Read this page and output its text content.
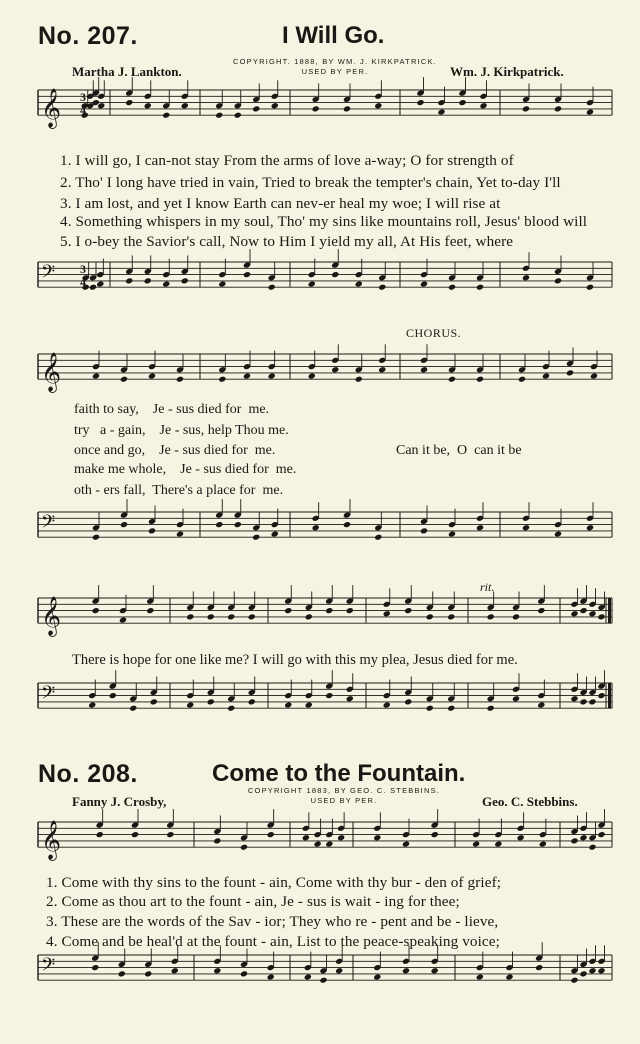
No. 207.	I Will Go.
Martha J. Lankton.
COPYRIGHT. 1888, BY WM. J. KIRKPATRICK.
USED BY PER.	Wm. J. Kirkpatrick.
𝄞
𝄢
𝄞
𝄢
𝄞
𝄢
𝄞
𝄢
3
4
3
4
1. I will go, I can-not stay From the arms of love a-way; O for strength of
2. Tho' I long have tried in vain, Tried to break the tempter's chain, Yet to-day I'll
3. I am lost, and yet I know Earth can nev-er heal my woe; I will rise at
4. Something whispers in my soul, Tho' my sins like mountains roll, Jesus' blood will
5. I o-bey the Savior's call, Now to Him I yield my all, At His feet, where
CHORUS.
faith to say,    Je - sus died for  me.
try   a - gain,    Je - sus, help Thou me.
once and go,    Je - sus died for  me.
make me whole,    Je - sus died for  me.
oth - ers fall,  There's a place for  me.
Can it be,  O  can it be
rit.
There is hope for one like me? I will go with this my plea, Jesus died for me.
No. 208.	Come to the Fountain.
Fanny J. Crosby,
COPYRIGHT 1883, BY GEO. C. STEBBINS.
USED BY PER.	Geo. C. Stebbins.
1. Come with thy sins to the fount - ain, Come with thy bur - den of grief;
2. Come as thou art to the fount - ain, Je - sus is wait - ing for thee;
3. These are the words of the Sav - ior; They who re - pent and be - lieve,
4. Come and be heal'd at the fount - ain, List to the peace-speaking voice;
